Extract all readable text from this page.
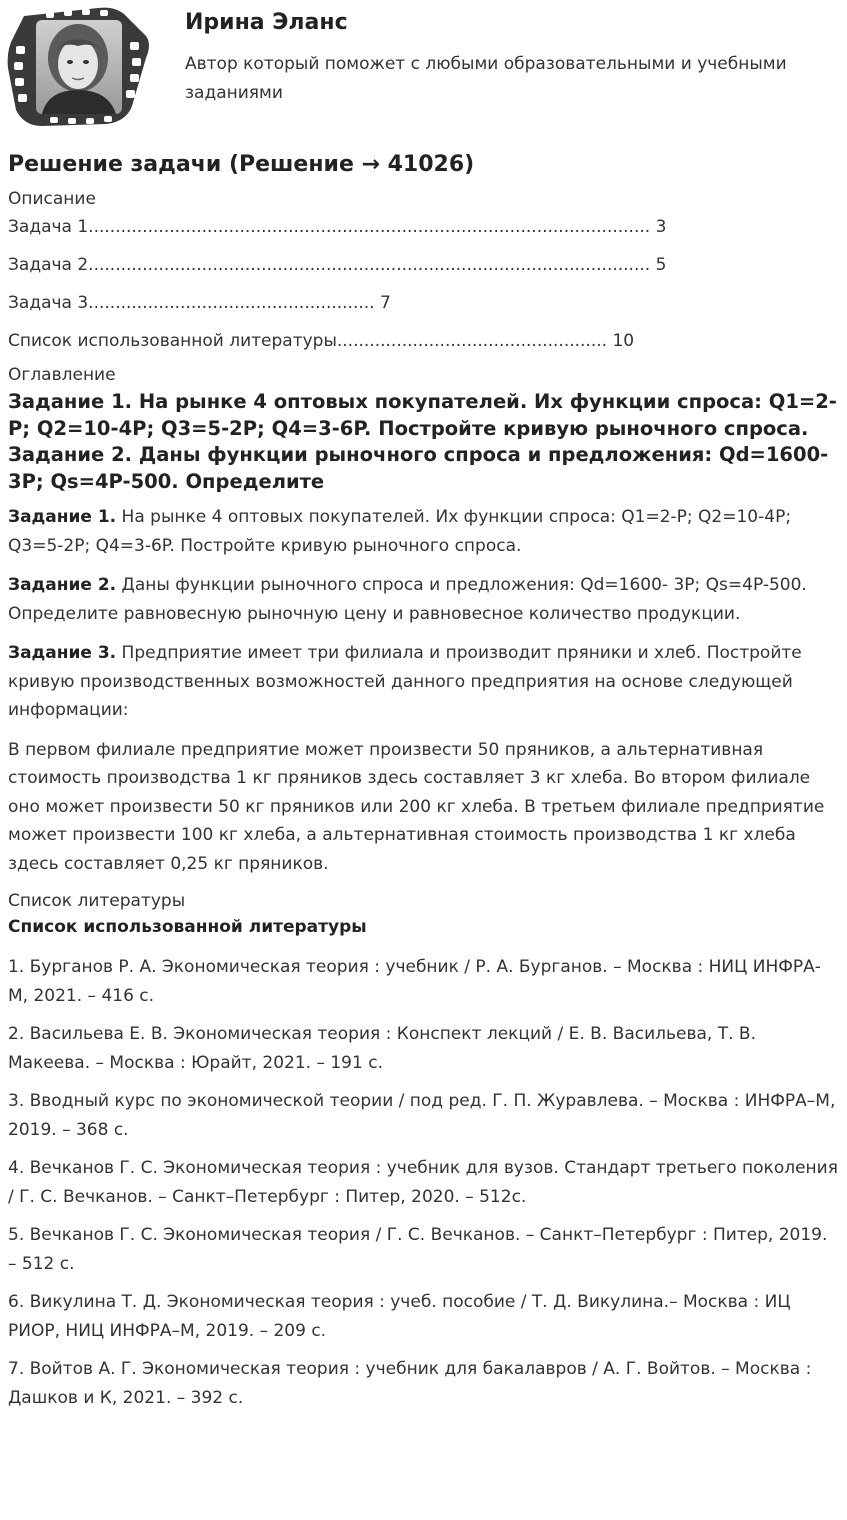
Ирина Эланс
Автор который поможет с любыми образовательными и учебными заданиями
Решение задачи (Решение → 41026)
Описание
Задача 1........................................................................................................ 3
Задача 2........................................................................................................ 5
Задача 3..................................................... 7
Список использованной литературы.................................................. 10
Оглавление
Задание 1. На рынке 4 оптовых покупателей. Их функции спроса: Q1=2-P; Q2=10-4P; Q3=5-2P; Q4=3-6P. Постройте кривую рыночного спроса. Задание 2. Даны функции рыночного спроса и предложения: Qd=1600- 3P; Qs=4P-500. Определите

Задание 1. На рынке 4 оптовых покупателей. Их функции спроса: Q1=2-P; Q2=10-4P; Q3=5-2P; Q4=3-6P. Постройте кривую рыночного спроса.

Задание 2. Даны функции рыночного спроса и предложения: Qd=1600- 3P; Qs=4P-500. Определите равновесную рыночную цену и равновесное количество продукции.

Задание 3. Предприятие имеет три филиала и производит пряники и хлеб. Постройте кривую производственных возможностей данного предприятия на основе следующей информации:

В первом филиале предприятие может произвести 50 пряников, а альтернативная стоимость производства 1 кг пряников здесь составляет 3 кг хлеба. Во втором филиале оно может произвести 50 кг пряников или 200 кг хлеба. В третьем филиале предприятие может произвести 100 кг хлеба, а альтернативная стоимость производства 1 кг хлеба здесь составляет 0,25 кг пряников.

Список литературы
Список использованной литературы
1. Бурганов Р. А. Экономическая теория : учебник / Р. А. Бурганов. – Москва : НИЦ ИНФРА-М, 2021. – 416 с.
2. Васильева Е. В. Экономическая теория : Конспект лекций / Е. В. Васильева, Т. В. Макеева. – Москва : Юрайт, 2021. – 191 с.
3. Вводный курс по экономической теории / под ред. Г. П. Журавлева. – Москва : ИНФРА–М, 2019. – 368 с.
4. Вечканов Г. С. Экономическая теория : учебник для вузов. Стандарт третьего поколения / Г. С. Вечканов. – Санкт–Петербург : Питер, 2020. – 512с.
5. Вечканов Г. С. Экономическая теория / Г. С. Вечканов. – Санкт–Петербург : Питер, 2019. – 512 с.
6. Викулина Т. Д. Экономическая теория : учеб. пособие / Т. Д. Викулина.– Москва : ИЦ РИОР, НИЦ ИНФРА–М, 2019. – 209 с.
7. Войтов А. Г. Экономическая теория : учебник для бакалавров / А. Г. Войтов. – Москва : Дашков и К, 2021. – 392 с.
